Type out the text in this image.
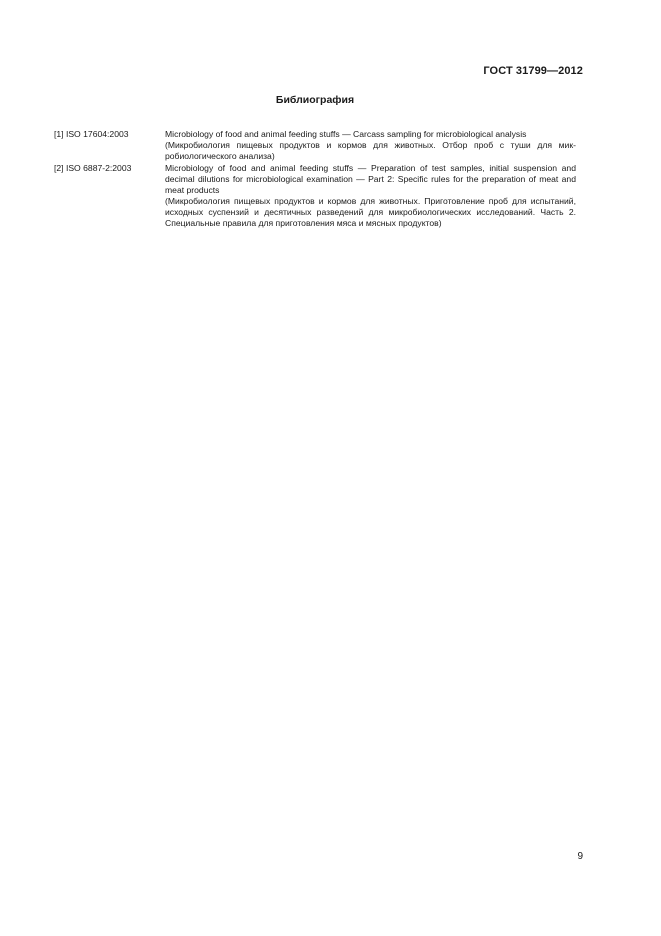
ГОСТ 31799—2012
Библиография
[1] ISO 17604:2003	Microbiology of food and animal feeding stuffs — Carcass sampling for microbiological analysis

(Микробиология пищевых продуктов и кормов для животных. Отбор проб с туши для микробиологического анализа)

[2] ISO 6887-2:2003	Microbiology of food and animal feeding stuffs — Preparation of test samples, initial suspension and decimal dilutions for microbiological examination — Part 2: Specific rules for the preparation of meat and meat products

(Микробиология пищевых продуктов и кормов для животных. Приготовление проб для испытаний, исходных суспензий и десятичных разведений для микробиологических исследований. Часть 2. Специальные правила для приготовления мяса и мясных продуктов)

9
